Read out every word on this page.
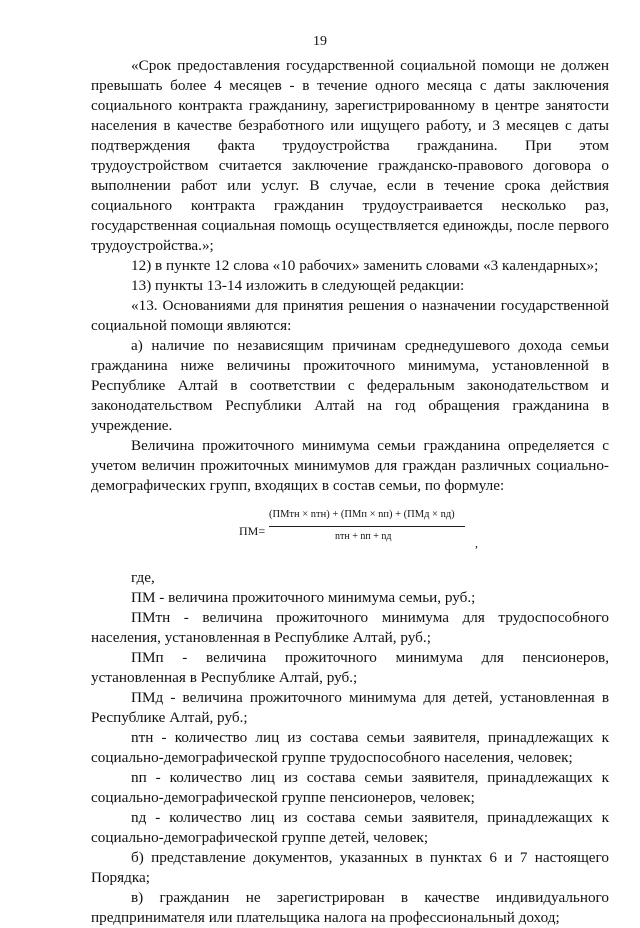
19

«Срок предоставления государственной социальной помощи не должен превышать более 4 месяцев - в течение одного месяца с даты заключения социального контракта гражданину, зарегистрированному в центре занятости населения в качестве безработного или ищущего работу, и 3 месяцев с даты подтверждения факта трудоустройства гражданина. При этом трудоустройством считается заключение гражданско-правового договора о выполнении работ или услуг. В случае, если в течение срока действия социального контракта гражданин трудоустраивается несколько раз, государственная социальная помощь осуществляется единожды, после первого трудоустройства.»;

12) в пункте 12 слова «10 рабочих» заменить словами «3 календарных»;

13) пункты 13-14 изложить в следующей редакции:

«13. Основаниями для принятия решения о назначении государственной социальной помощи являются:

а) наличие по независящим причинам среднедушевого дохода семьи гражданина ниже величины прожиточного минимума, установленной в Республике Алтай в соответствии с федеральным законодательством и законодательством Республики Алтай на год обращения гражданина в учреждение.

Величина прожиточного минимума семьи гражданина определяется с учетом величин прожиточных минимумов для граждан различных социально-демографических групп, входящих в состав семьи, по формуле:

ПМ=
(ПМтн × nтн) + (ПМп × nп) + (ПМд × nд)
nтн + nп + nд	,

где,

ПМ - величина прожиточного минимума семьи, руб.;

ПМтн - величина прожиточного минимума для трудоспособного населения, установленная в Республике Алтай, руб.;

ПМп - величина прожиточного минимума для пенсионеров, установленная в Республике Алтай, руб.;

ПМд - величина прожиточного минимума для детей, установленная в Республике Алтай, руб.;

nтн - количество лиц из состава семьи заявителя, принадлежащих к социально-демографической группе трудоспособного населения, человек;

nп - количество лиц из состава семьи заявителя, принадлежащих к социально-демографической группе пенсионеров, человек;

nд - количество лиц из состава семьи заявителя, принадлежащих к социально-демографической группе детей, человек;

б) представление документов, указанных в пунктах 6 и 7 настоящего Порядка;

в) гражданин не зарегистрирован в качестве индивидуального предпринимателя или плательщика налога на профессиональный доход;
